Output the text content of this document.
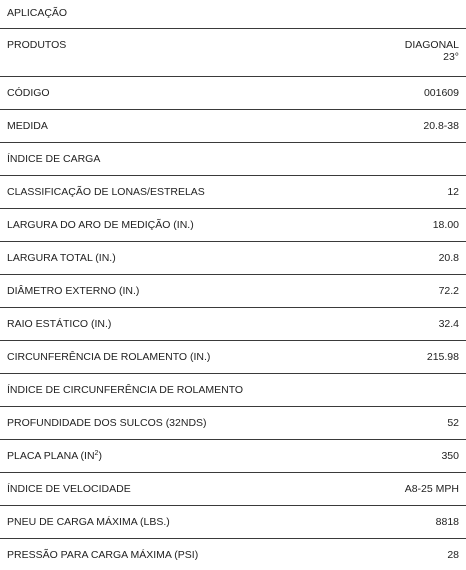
APLICAÇÃO
PRODUTOS	DIAGONAL
23°
CÓDIGO	001609
MEDIDA	20.8-38
ÍNDICE DE CARGA
CLASSIFICAÇÃO DE LONAS/ESTRELAS	12
LARGURA DO ARO DE MEDIÇÃO (IN.)	18.00
LARGURA TOTAL (IN.)	20.8
DIÂMETRO EXTERNO (IN.)	72.2
RAIO ESTÁTICO (IN.)	32.4
CIRCUNFERÊNCIA DE ROLAMENTO (IN.)	215.98
ÍNDICE DE CIRCUNFERÊNCIA DE ROLAMENTO
PROFUNDIDADE DOS SULCOS (32NDS)	52
PLACA PLANA $(IN^2)$	350
ÍNDICE DE VELOCIDADE	A8-25 MPH
PNEU DE CARGA MÁXIMA (LBS.)	8818
PRESSÃO PARA CARGA MÁXIMA (PSI)	28
